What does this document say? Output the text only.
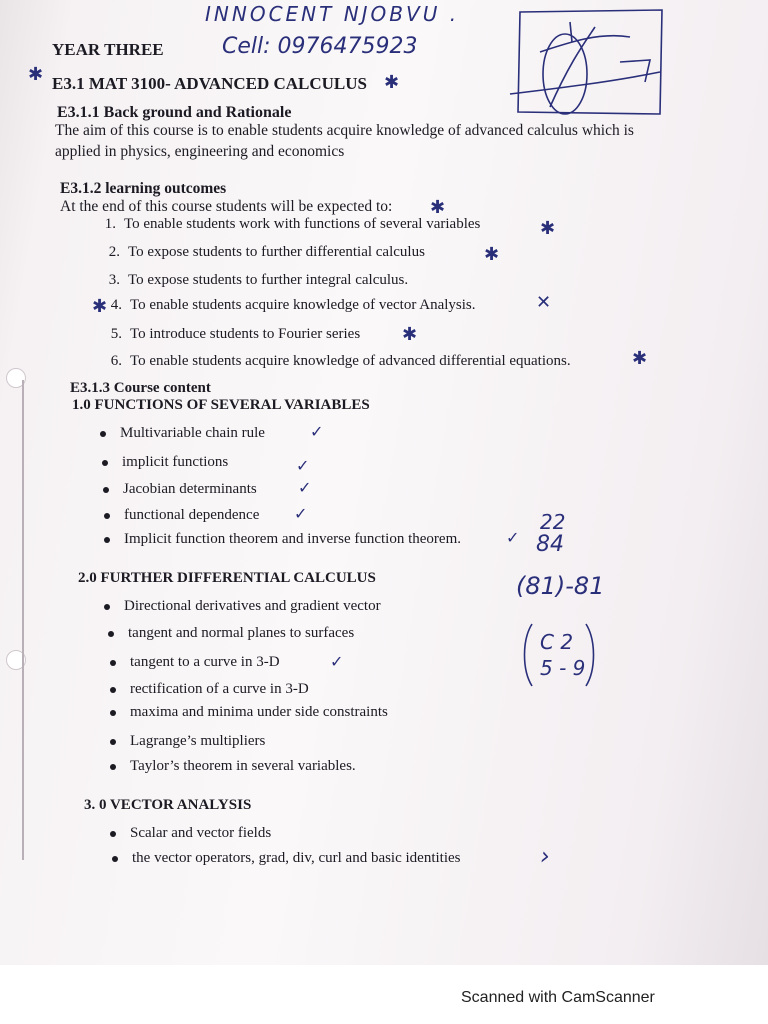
INNOCENT NJOBVU .
Cell: 0976475923
YEAR THREE
✱ E3.1 MAT 3100- ADVANCED CALCULUS ✱
E3.1.1 Back ground and Rationale
The aim of this course is to enable students acquire knowledge of advanced calculus which is
applied in physics, engineering and economics
E3.1.2 learning outcomes
At the end of this course students will be expected to: ✱
1. To enable students work with functions of several variables	✱
2. To expose students to further differential calculus	✱
3. To expose students to further integral calculus.
4. To enable students acquire knowledge of vector Analysis.
✱	✕
5. To introduce students to Fourier series ✱
6. To enable students acquire knowledge of advanced differential equations.	✱
E3.1.3 Course content
1.0 FUNCTIONS OF SEVERAL VARIABLES
Multivariable chain rule	✓
implicit functions	✓
Jacobian determinants	✓
functional dependence ✓
Implicit function theorem and inverse function theorem.	✓
2.0 FURTHER DIFFERENTIAL CALCULUS
Directional derivatives and gradient vector
tangent and normal planes to surfaces
tangent to a curve in 3-D	✓
rectification of a curve in 3-D
maxima and minima under side constraints
Lagrange’s multipliers
Taylor’s theorem in several variables.
3. 0 VECTOR ANALYSIS
Scalar and vector fields
the vector operators, grad, div, curl and basic identities
22
84
(81)-81
C 2
5 - 9
›
Scanned with CamScanner
